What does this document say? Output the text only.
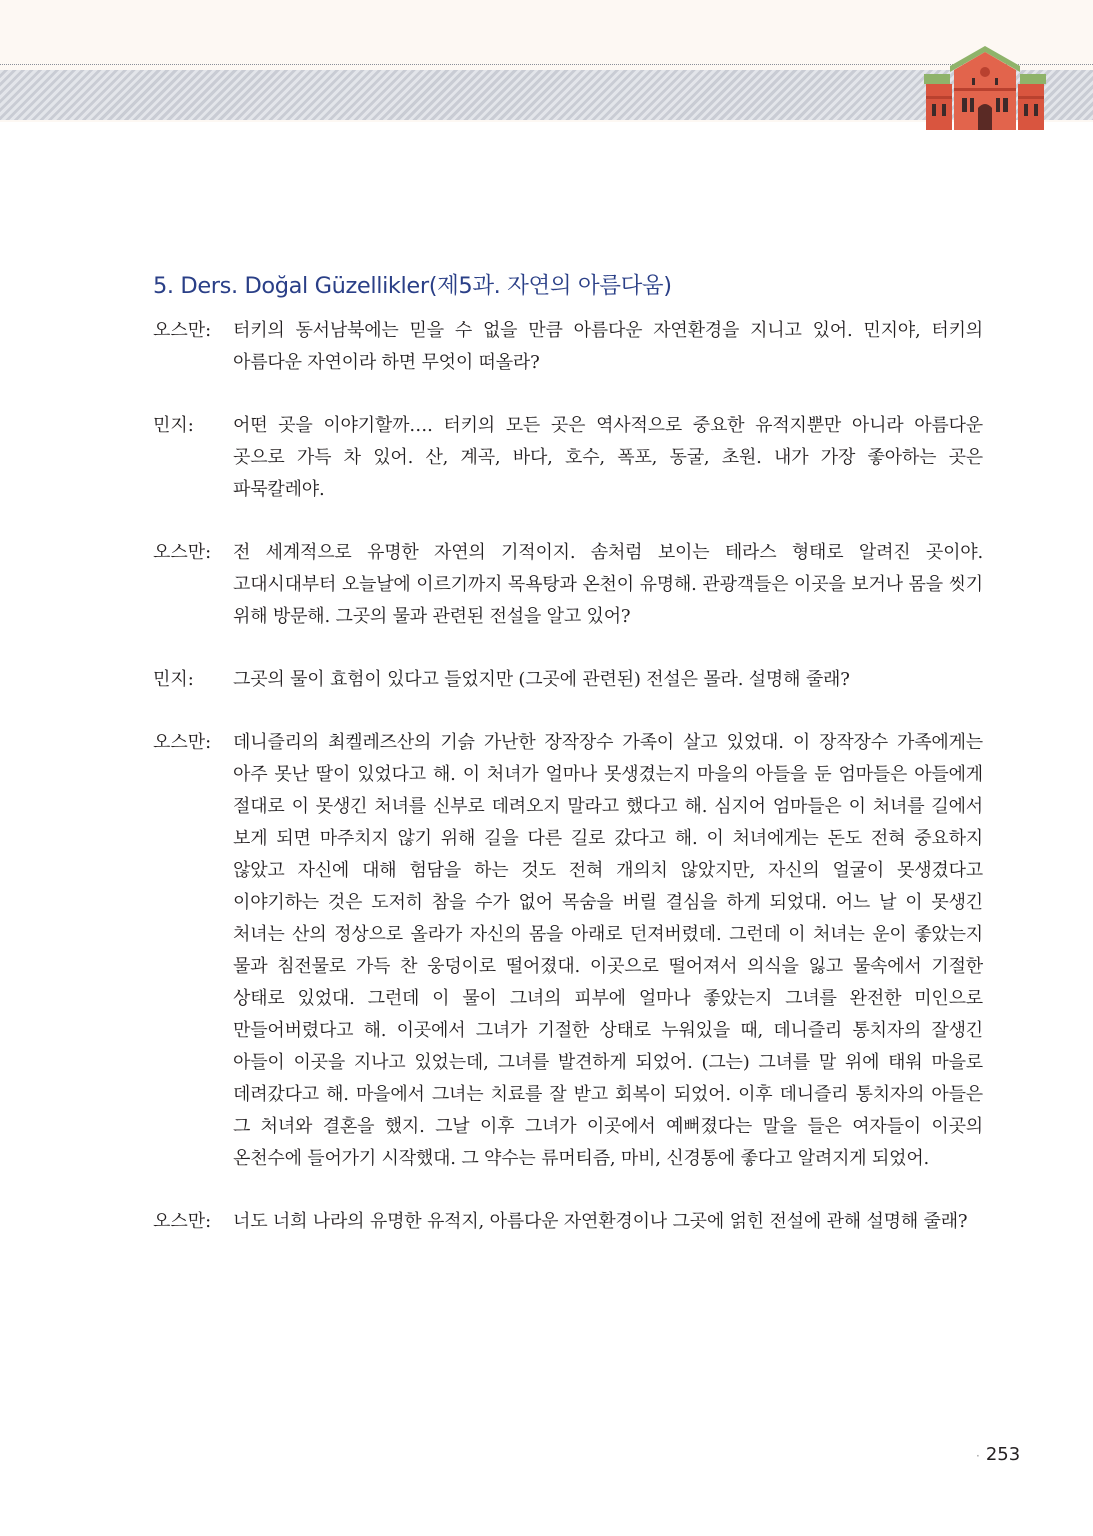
5. Ders. Doğal Güzellikler(제5과. 자연의 아름다움)
오스만:	터키의 동서남북에는 믿을 수 없을 만큼 아름다운 자연환경을 지니고 있어. 민지야, 터키의 아름다운 자연이라 하면 무엇이 떠올라?
민지:	어떤 곳을 이야기할까…. 터키의 모든 곳은 역사적으로 중요한 유적지뿐만 아니라 아름다운 곳으로 가득 차 있어. 산, 계곡, 바다, 호수, 폭포, 동굴, 초원. 내가 가장 좋아하는 곳은 파묵칼레야.
오스만:	전 세계적으로 유명한 자연의 기적이지. 솜처럼 보이는 테라스 형태로 알려진 곳이야. 고대시대부터 오늘날에 이르기까지 목욕탕과 온천이 유명해. 관광객들은 이곳을 보거나 몸을 씻기 위해 방문해. 그곳의 물과 관련된 전설을 알고 있어?
민지:	그곳의 물이 효험이 있다고 들었지만 (그곳에 관련된) 전설은 몰라. 설명해 줄래?
오스만:	데니즐리의 최켈레즈산의 기슭 가난한 장작장수 가족이 살고 있었대. 이 장작장수 가족에게는 아주 못난 딸이 있었다고 해. 이 처녀가 얼마나 못생겼는지 마을의 아들을 둔 엄마들은 아들에게 절대로 이 못생긴 처녀를 신부로 데려오지 말라고 했다고 해. 심지어 엄마들은 이 처녀를 길에서 보게 되면 마주치지 않기 위해 길을 다른 길로 갔다고 해. 이 처녀에게는 돈도 전혀 중요하지 않았고 자신에 대해 험담을 하는 것도 전혀 개의치 않았지만, 자신의 얼굴이 못생겼다고 이야기하는 것은 도저히 참을 수가 없어 목숨을 버릴 결심을 하게 되었대. 어느 날 이 못생긴 처녀는 산의 정상으로 올라가 자신의 몸을 아래로 던져버렸데. 그런데 이 처녀는 운이 좋았는지 물과 침전물로 가득 찬 웅덩이로 떨어졌대. 이곳으로 떨어져서 의식을 잃고 물속에서 기절한 상태로 있었대. 그런데 이 물이 그녀의 피부에 얼마나 좋았는지 그녀를 완전한 미인으로 만들어버렸다고 해. 이곳에서 그녀가 기절한 상태로 누워있을 때, 데니즐리 통치자의 잘생긴 아들이 이곳을 지나고 있었는데, 그녀를 발견하게 되었어. (그는) 그녀를 말 위에 태워 마을로 데려갔다고 해. 마을에서 그녀는 치료를 잘 받고 회복이 되었어. 이후 데니즐리 통치자의 아들은 그 처녀와 결혼을 했지. 그날 이후 그녀가 이곳에서 예뻐졌다는 말을 들은 여자들이 이곳의 온천수에 들어가기 시작했대. 그 약수는 류머티즘, 마비, 신경통에 좋다고 알려지게 되었어.
오스만:	너도 너희 나라의 유명한 유적지, 아름다운 자연환경이나 그곳에 얽힌 전설에 관해 설명해 줄래?
· 253
